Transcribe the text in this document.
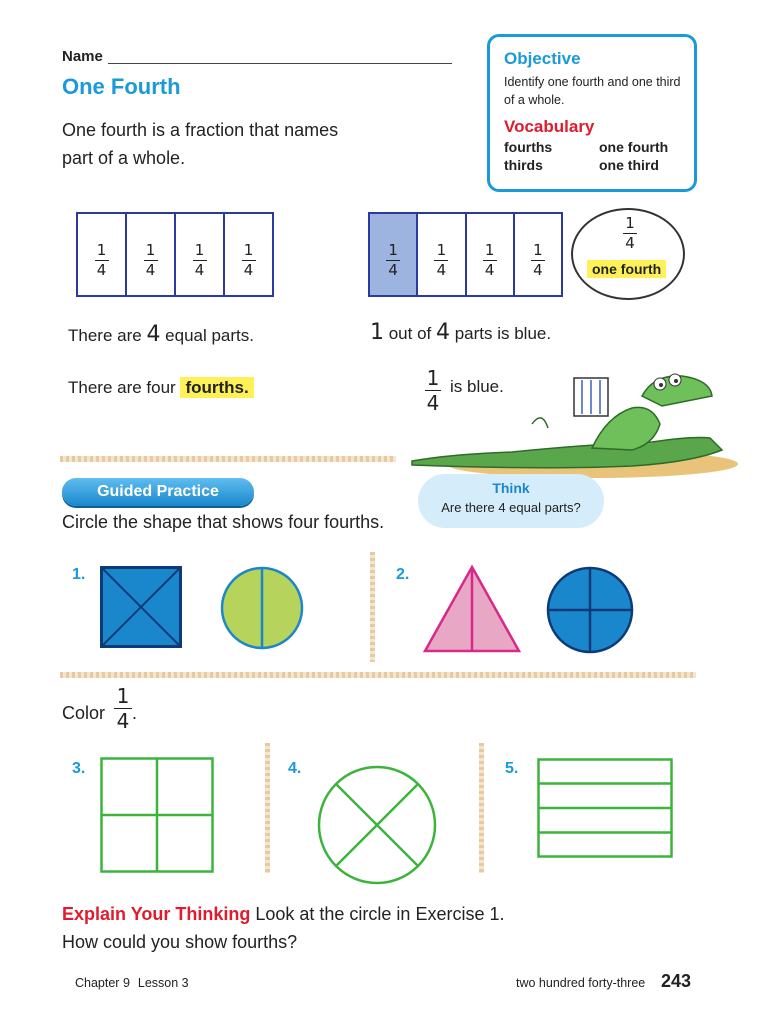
Name
One Fourth
One fourth is a fraction that names part of a whole.
Objective
Identify one fourth and one third of a whole.
Vocabulary
fourths	one fourth
thirds	one third
$\frac{1}{4} \frac{1}{4} \frac{1}{4} \frac{1}{4}$	$\frac{1}{4} \frac{1}{4} \frac{1}{4} \frac{1}{4}$
1
4
one fourth
There are 4 equal parts.
There are four fourths.
1 out of 4 parts is blue.
$\frac{1}{4}$ is blue.
Guided Practice
Circle the shape that shows four fourths.
Think
Are there 4 equal parts?
1.	2.
Color $\frac{1}{4}$ .
3.	4.	5.
Explain Your Thinking Look at the circle in Exercise 1.
How could you show fourths?
Chapter 9 Lesson 3	two hundred forty-three 243
